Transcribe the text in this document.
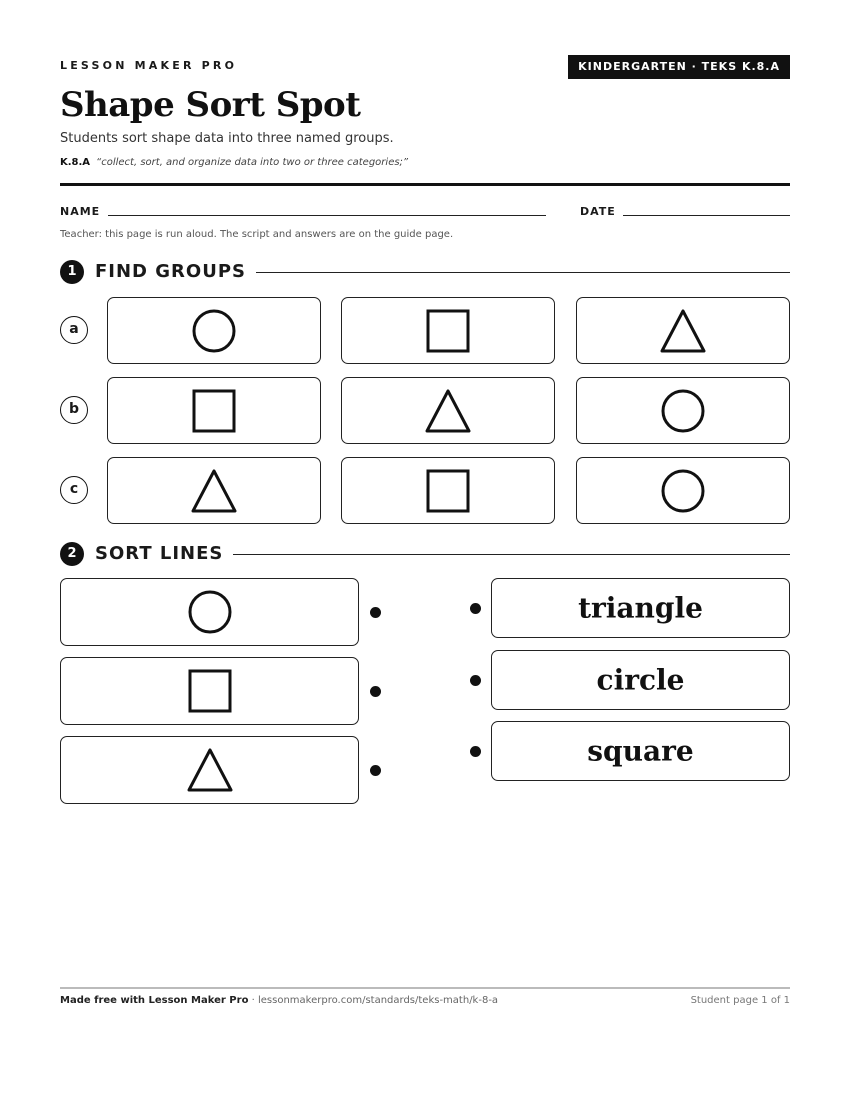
LESSON MAKER PRO	KINDERGARTEN · TEKS K.8.A
Shape Sort Spot
Students sort shape data into three named groups.
K.8.A “collect, sort, and organize data into two or three categories;”
NAME	DATE
Teacher: this page is run aloud. The script and answers are on the guide page.
1	FIND GROUPS
a
b
c
2	SORT LINES
triangle
circle
square
Made free with Lesson Maker Pro · lessonmakerpro.com/standards/teks-math/k-8-a	Student page 1 of 1
